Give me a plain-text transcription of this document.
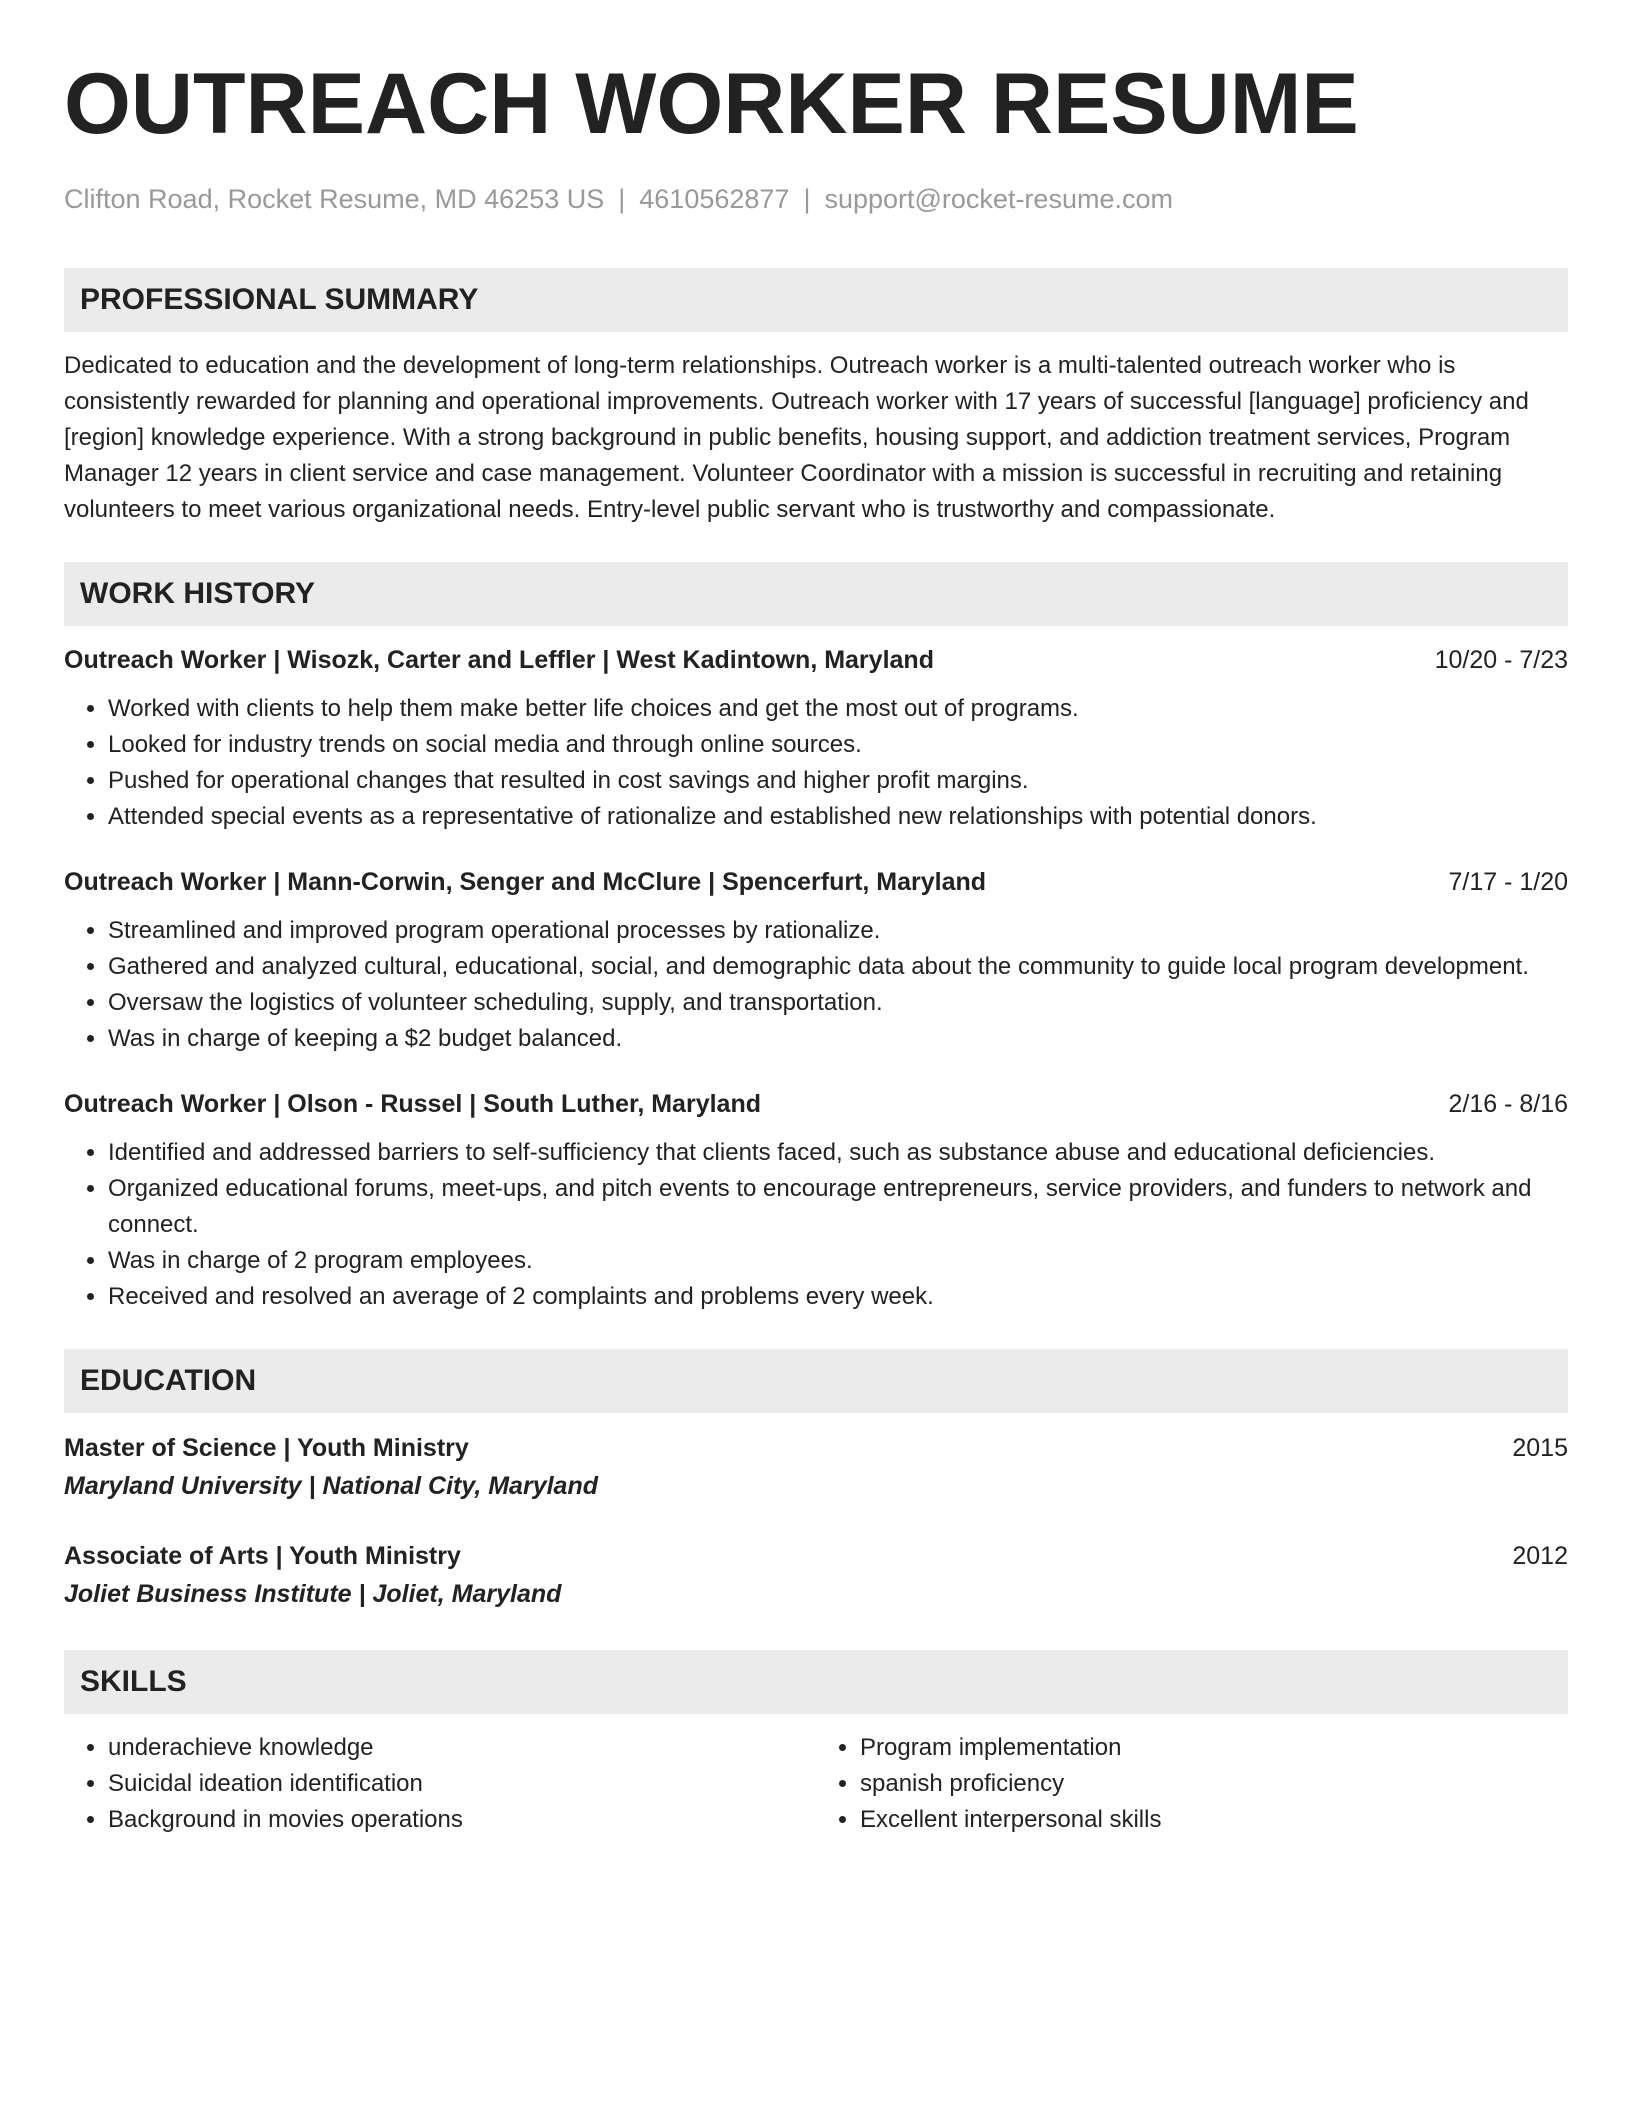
OUTREACH WORKER RESUME
Clifton Road, Rocket Resume, MD 46253 US | 4610562877 | support@rocket-resume.com
PROFESSIONAL SUMMARY
Dedicated to education and the development of long-term relationships. Outreach worker is a multi-talented outreach worker who is consistently rewarded for planning and operational improvements. Outreach worker with 17 years of successful [language] proficiency and [region] knowledge experience. With a strong background in public benefits, housing support, and addiction treatment services, Program Manager 12 years in client service and case management. Volunteer Coordinator with a mission is successful in recruiting and retaining volunteers to meet various organizational needs. Entry-level public servant who is trustworthy and compassionate.
WORK HISTORY
Outreach Worker | Wisozk, Carter and Leffler | West Kadintown, Maryland	10/20 - 7/23
• Worked with clients to help them make better life choices and get the most out of programs.
• Looked for industry trends on social media and through online sources.
• Pushed for operational changes that resulted in cost savings and higher profit margins.
• Attended special events as a representative of rationalize and established new relationships with potential donors.
Outreach Worker | Mann-Corwin, Senger and McClure | Spencerfurt, Maryland	7/17 - 1/20
• Streamlined and improved program operational processes by rationalize.
• Gathered and analyzed cultural, educational, social, and demographic data about the community to guide local program development.
• Oversaw the logistics of volunteer scheduling, supply, and transportation.
• Was in charge of keeping a $2 budget balanced.
Outreach Worker | Olson - Russel | South Luther, Maryland	2/16 - 8/16
• Identified and addressed barriers to self-sufficiency that clients faced, such as substance abuse and educational deficiencies.
• Organized educational forums, meet-ups, and pitch events to encourage entrepreneurs, service providers, and funders to network and connect.
• Was in charge of 2 program employees.
• Received and resolved an average of 2 complaints and problems every week.
EDUCATION
Master of Science | Youth Ministry	2015
Maryland University | National City, Maryland
Associate of Arts | Youth Ministry	2012
Joliet Business Institute | Joliet, Maryland
SKILLS
• underachieve knowledge
• Suicidal ideation identification
• Background in movies operations
• Program implementation
• spanish proficiency
• Excellent interpersonal skills
